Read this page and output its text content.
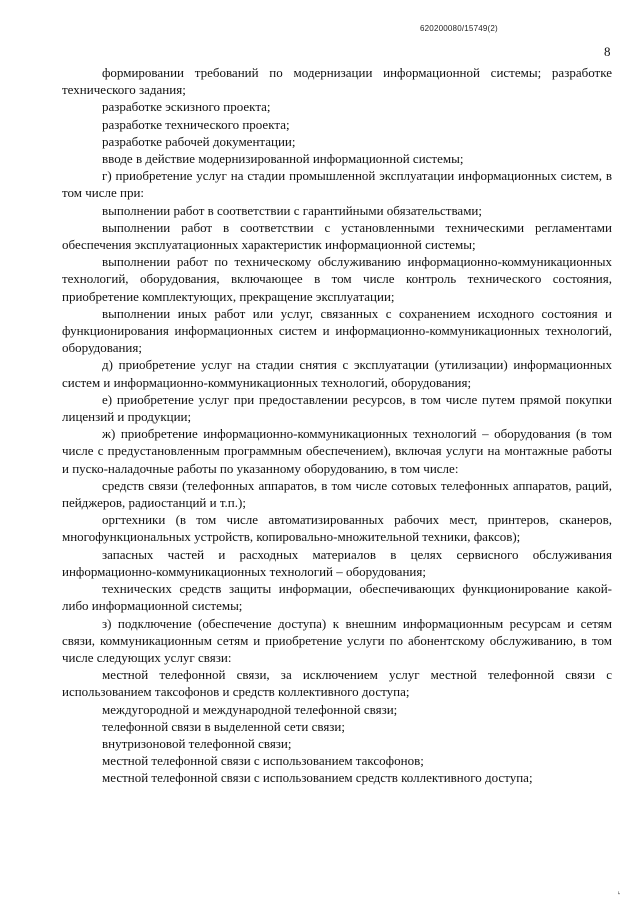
620200080/15749(2)
8

формировании требований по модернизации информационной системы; разработке технического задания;

разработке эскизного проекта;

разработке технического проекта;

разработке рабочей документации;

вводе в действие модернизированной информационной системы;

г) приобретение услуг на стадии промышленной эксплуатации информационных систем, в том числе при:

выполнении работ в соответствии с гарантийными обязательствами;

выполнении работ в соответствии с установленными техническими регламентами обеспечения эксплуатационных характеристик информационной системы;

выполнении работ по техническому обслуживанию информационно-коммуникационных технологий, оборудования, включающее в том числе контроль технического состояния, приобретение комплектующих, прекращение эксплуатации;

выполнении иных работ или услуг, связанных с сохранением исходного состояния и функционирования информационных систем и информационно-коммуникационных технологий, оборудования;

д) приобретение услуг на стадии снятия с эксплуатации (утилизации) информационных систем и информационно-коммуникационных технологий, оборудования;

е) приобретение услуг при предоставлении ресурсов, в том числе путем прямой покупки лицензий и продукции;

ж) приобретение информационно-коммуникационных технологий – оборудования (в том числе с предустановленным программным обеспечением), включая услуги на монтажные работы и пуско-наладочные работы по указанному оборудованию, в том числе:

средств связи (телефонных аппаратов, в том числе сотовых телефонных аппаратов, раций, пейджеров, радиостанций и т.п.);

оргтехники (в том числе автоматизированных рабочих мест, принтеров, сканеров, многофункциональных устройств, копировально-множительной техники, факсов);

запасных частей и расходных материалов в целях сервисного обслуживания информационно-коммуникационных технологий – оборудования;

технических средств защиты информации, обеспечивающих функционирование какой-либо информационной системы;

з) подключение (обеспечение доступа) к внешним информационным ресурсам и сетям связи, коммуникационным сетям и приобретение услуги по абонентскому обслуживанию, в том числе следующих услуг связи:

местной телефонной связи, за исключением услуг местной телефонной связи с использованием таксофонов и средств коллективного доступа;

междугородной и международной телефонной связи;

телефонной связи в выделенной сети связи;

внутризоновой телефонной связи;

местной телефонной связи с использованием таксофонов;

местной телефонной связи с использованием средств коллективного доступа;

ʻ
